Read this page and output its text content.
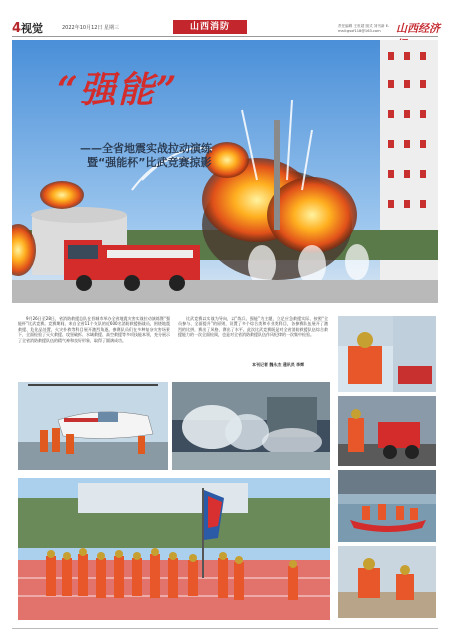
4视觉	2022年10月12日 星期三	山西消防	责任编辑 王世超 版式 刘书新 E-mail:gsxf118@163.com	山西经济
“强能”
——全省地震实战拉动演练
暨“强能杯”比武竞赛掠影
9月26日至28日，省消防救援总队在晋城市举办全省地震灾害实战拉动演练暨“强能杯”比武竞赛。竞赛期间，来自全省11个支队的近600名消防救援指战员，围绕地震救援、危化品处置、火灾扑救等科目展开激烈角逐。参赛队员们在多种复杂灾害场景下，全面检验了灭火救援、攻坚破拆、水域救援、高空救援等多项技能本领，充分展示了全省消防救援队伍的精气神和良好形象，取得了圆满成功。
比武竞赛以实战为导向，以“练兵、强能”为主题，立足应急救援实际，按照“全员参与、全面提升”的原则，设置了多个综合类和专业类科目，各参赛队伍展开了激烈的比拼，赛出了风格，赛出了水平。此次比武竞赛既是对全省消防救援队伍综合救援能力的一次全面检阅，也是对全省消防救援队伍作风纪律的一次集中检验。
本刊记者 魏永杰 通讯员 李辉
